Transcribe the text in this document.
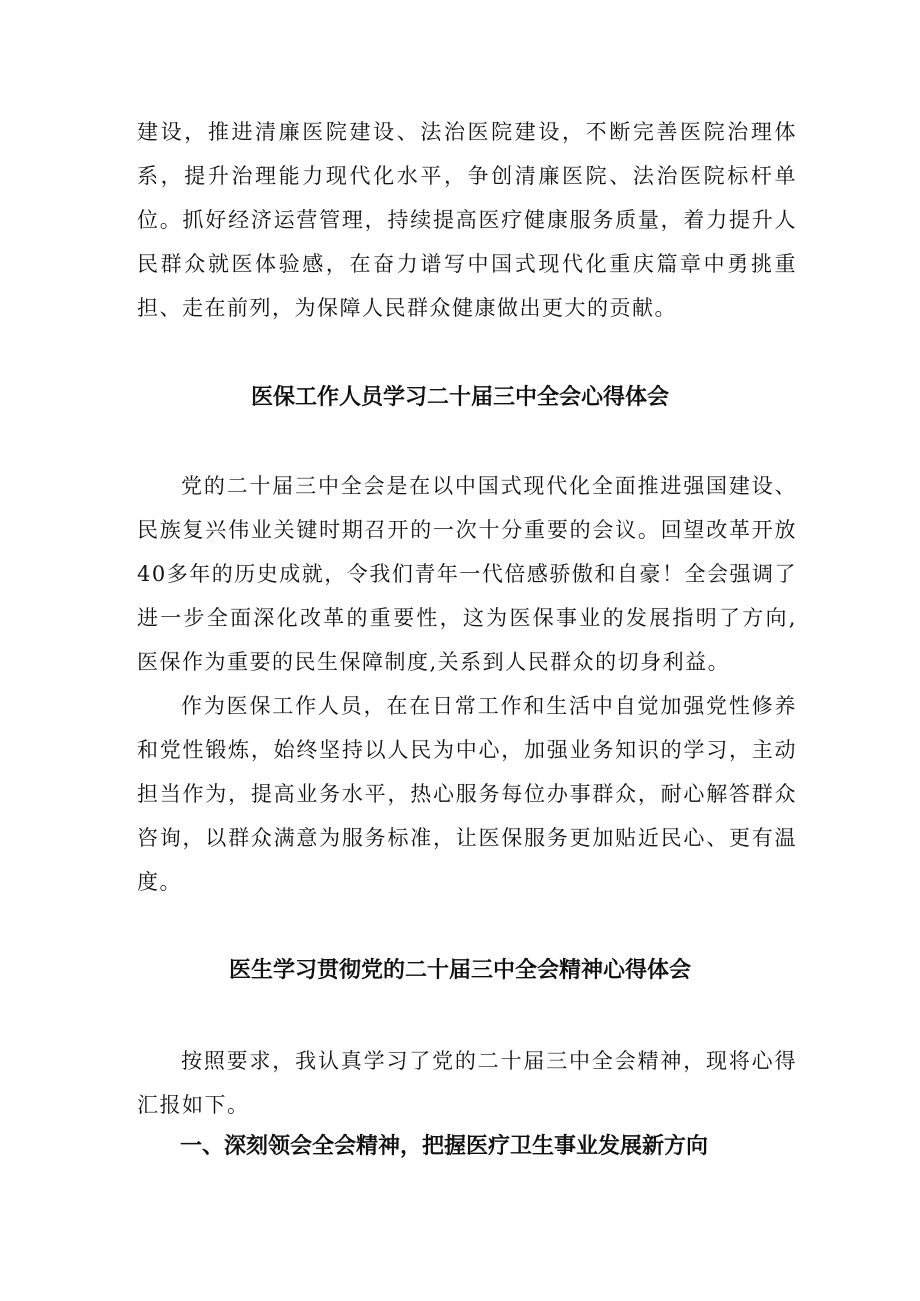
建设，推进清廉医院建设、法治医院建设，不断完善医院治理体系，提升治理能力现代化水平，争创清廉医院、法治医院标杆单位。抓好经济运营管理，持续提高医疗健康服务质量，着力提升人民群众就医体验感，在奋力谱写中国式现代化重庆篇章中勇挑重担、走在前列，为保障人民群众健康做出更大的贡献。

医保工作人员学习二十届三中全会心得体会

党的二十届三中全会是在以中国式现代化全面推进强国建设、民族复兴伟业关键时期召开的一次十分重要的会议。回望改革开放40多年的历史成就，令我们青年一代倍感骄傲和自豪！全会强调了进一步全面深化改革的重要性，这为医保事业的发展指明了方向,医保作为重要的民生保障制度,关系到人民群众的切身利益。

作为医保工作人员，在在日常工作和生活中自觉加强党性修养和党性锻炼，始终坚持以人民为中心，加强业务知识的学习，主动担当作为，提高业务水平，热心服务每位办事群众，耐心解答群众咨询，以群众满意为服务标准，让医保服务更加贴近民心、更有温度。

医生学习贯彻党的二十届三中全会精神心得体会

按照要求，我认真学习了党的二十届三中全会精神，现将心得汇报如下。

一、深刻领会全会精神，把握医疗卫生事业发展新方向
